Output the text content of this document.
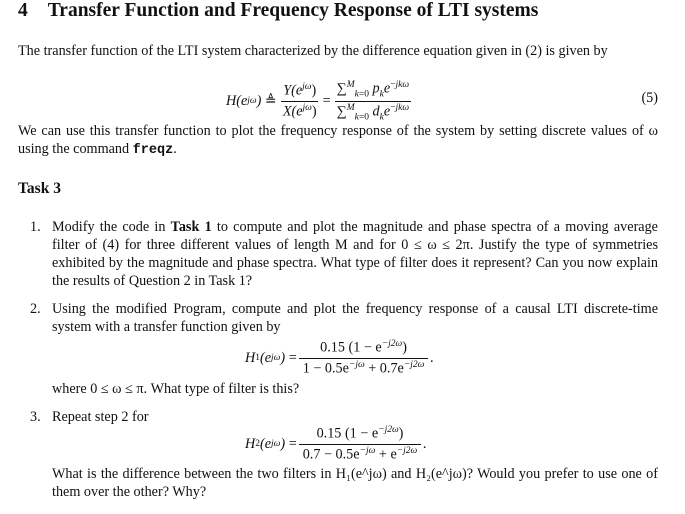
4 Transfer Function and Frequency Response of LTI systems
The transfer function of the LTI system characterized by the difference equation given in (2) is given by
H(e jω ) ≜ $\frac{Y(e^{j\omega})}{X(e^{j\omega})} = \frac{\sum^M_{k=0} p_ke^{-jk\omega}}{\sum^M_{k=0} d_ke^{-jk\omega}}$	(5)
We can use this transfer function to plot the frequency response of the system by setting discrete values of ω using the command freqz.
Task 3
1. Modify the code in Task 1 to compute and plot the magnitude and phase spectra of a moving average filter of (4) for three different values of length M and for 0 ≤ ω ≤ 2π. Justify the type of symmetries exhibited by the magnitude and phase spectra. What type of filter does it represent? Can you now explain the results of Question 2 in Task 1?
2. Using the modified Program, compute and plot the frequency response of a causal LTI discrete-time system with a transfer function given by
H 1 ( e jω ) = $\frac{0.15 (1 - e^{-j2\omega})}{1 - 0.5e^{-j\omega} + 0.7e^{-j2\omega}}$ .
where 0 ≤ ω ≤ π. What type of filter is this?
3. Repeat step 2 for
H 2 ( e jω ) = $\frac{0.15 (1 - e^{-j2\omega})}{0.7 - 0.5e^{-j\omega} + e^{-j2\omega}}$ .
What is the difference between the two filters in H₁(e^jω) and H₂(e^jω)? Would you prefer to use one of them over the other? Why?
